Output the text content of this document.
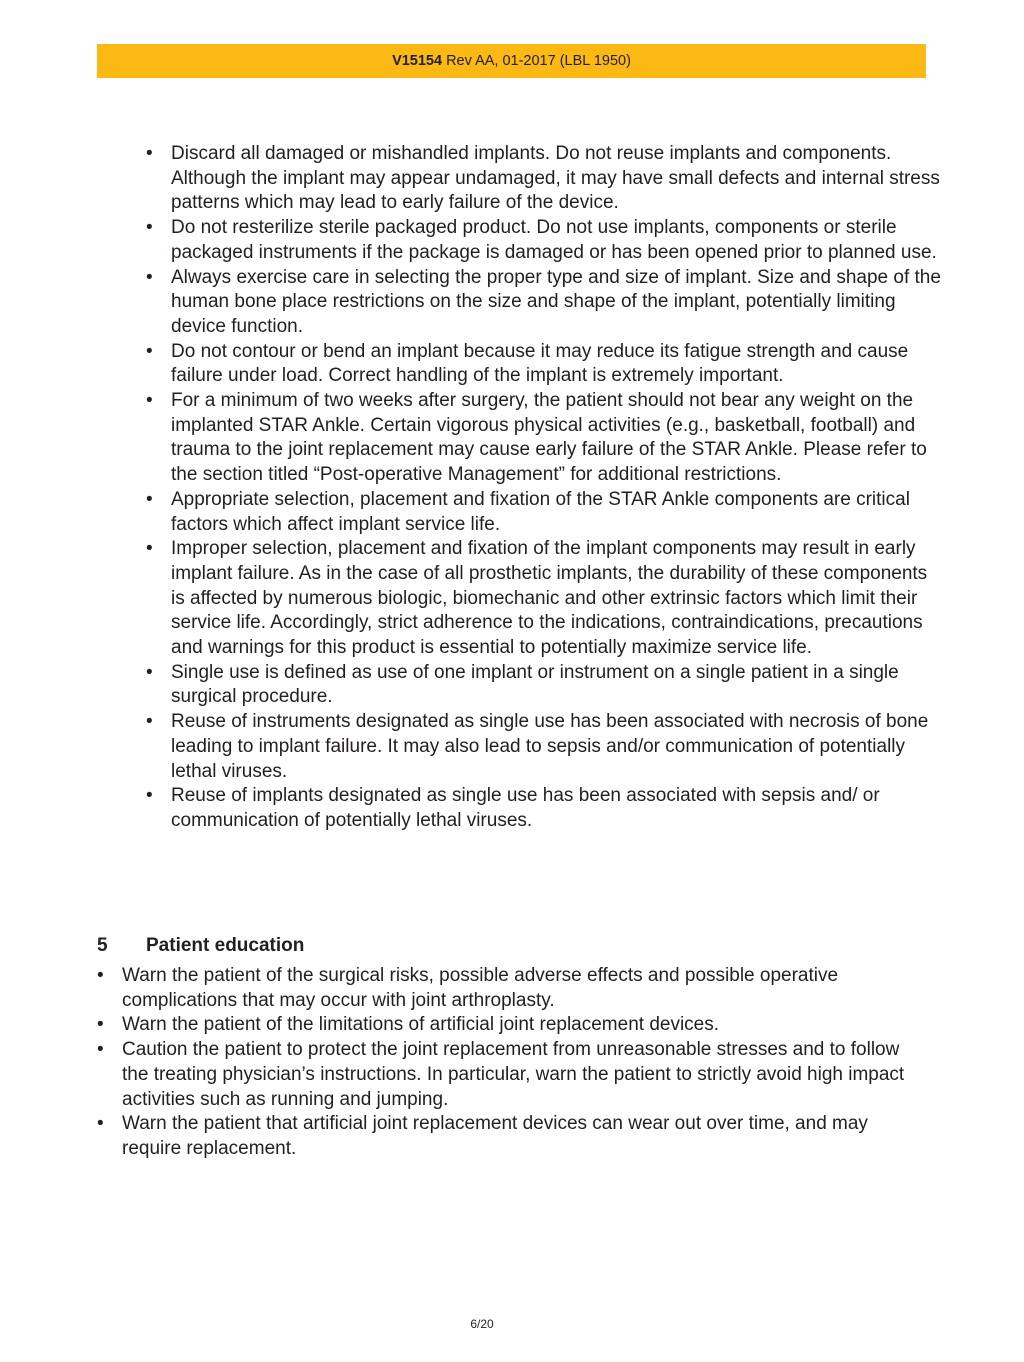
V15154 Rev AA, 01-2017 (LBL 1950)
• Discard all damaged or mishandled implants. Do not reuse implants and components. Although the implant may appear undamaged, it may have small defects and internal stress patterns which may lead to early failure of the device.
• Do not resterilize sterile packaged product. Do not use implants, components or sterile packaged instruments if the package is damaged or has been opened prior to planned use.
• Always exercise care in selecting the proper type and size of implant. Size and shape of the human bone place restrictions on the size and shape of the implant, potentially limiting device function.
• Do not contour or bend an implant because it may reduce its fatigue strength and cause failure under load. Correct handling of the implant is extremely important.
• For a minimum of two weeks after surgery, the patient should not bear any weight on the implanted STAR Ankle. Certain vigorous physical activities (e.g., basketball, football) and trauma to the joint replacement may cause early failure of the STAR Ankle. Please refer to the section titled “Post-operative Management” for additional restrictions.
• Appropriate selection, placement and fixation of the STAR Ankle components are critical factors which affect implant service life.
• Improper selection, placement and fixation of the implant components may result in early implant failure. As in the case of all prosthetic implants, the durability of these components is affected by numerous biologic, biomechanic and other extrinsic factors which limit their service life. Accordingly, strict adherence to the indications, contraindications, precautions and warnings for this product is essential to potentially maximize service life.
• Single use is defined as use of one implant or instrument on a single patient in a single surgical procedure.
• Reuse of instruments designated as single use has been associated with necrosis of bone leading to implant failure. It may also lead to sepsis and/or communication of potentially lethal viruses.
• Reuse of implants designated as single use has been associated with sepsis and/ or communication of potentially lethal viruses.
5	Patient education
• Warn the patient of the surgical risks, possible adverse effects and possible operative complications that may occur with joint arthroplasty.
• Warn the patient of the limitations of artificial joint replacement devices.
• Caution the patient to protect the joint replacement from unreasonable stresses and to follow the treating physician’s instructions. In particular, warn the patient to strictly avoid high impact activities such as running and jumping.
• Warn the patient that artificial joint replacement devices can wear out over time, and may require replacement.
6/20
